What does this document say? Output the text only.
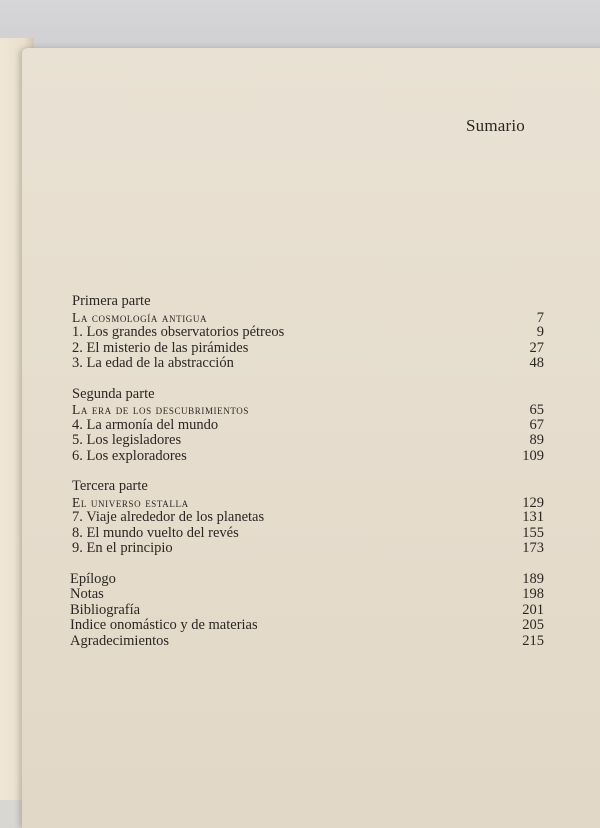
Sumario
Primera parte
La cosmología antigua	7
1. Los grandes observatorios pétreos	9
2. El misterio de las pirámides	27
3. La edad de la abstracción	48
Segunda parte
La era de los descubrimientos	65
4. La armonía del mundo	67
5. Los legisladores	89
6. Los exploradores	109
Tercera parte
El universo estalla	129
7. Viaje alrededor de los planetas	131
8. El mundo vuelto del revés	155
9. En el principio	173
Epílogo	189
Notas	198
Bibliografía	201
Indice onomástico y de materias	205
Agradecimientos	215
